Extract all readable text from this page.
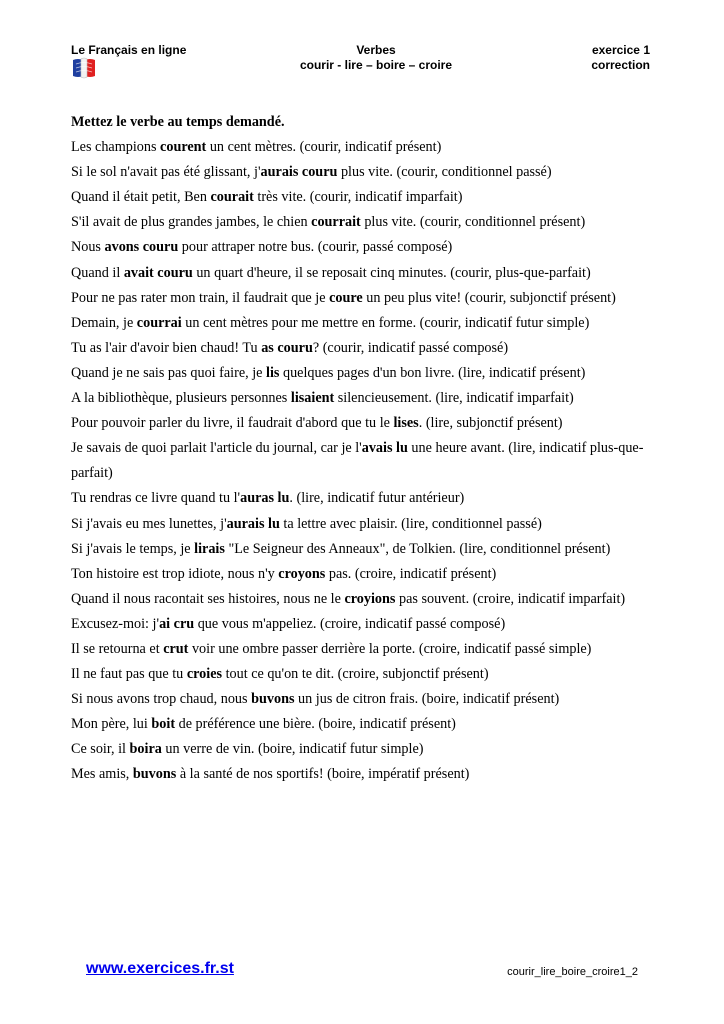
Le Français en ligne	Verbes
courir - lire – boire – croire
exercice 1
correction
Mettez le verbe au temps demandé.
Les champions courent un cent mètres. (courir, indicatif présent)
Si le sol n'avait pas été glissant, j'aurais couru plus vite. (courir, conditionnel passé)
Quand il était petit, Ben courait très vite. (courir, indicatif imparfait)
S'il avait de plus grandes jambes, le chien courrait plus vite. (courir, conditionnel présent)
Nous avons couru pour attraper notre bus. (courir, passé composé)
Quand il avait couru un quart d'heure, il se reposait cinq minutes. (courir, plus-que-parfait)
Pour ne pas rater mon train, il faudrait que je coure un peu plus vite! (courir, subjonctif présent)
Demain, je courrai un cent mètres pour me mettre en forme. (courir, indicatif futur simple)
Tu as l'air d'avoir bien chaud! Tu as couru? (courir, indicatif passé composé)
Quand je ne sais pas quoi faire, je lis quelques pages d'un bon livre. (lire, indicatif présent)
A la bibliothèque, plusieurs personnes lisaient silencieusement. (lire, indicatif imparfait)
Pour pouvoir parler du livre, il faudrait d'abord que tu le lises. (lire, subjonctif présent)
Je savais de quoi parlait l'article du journal, car je l'avais lu une heure avant. (lire, indicatif plus-que-parfait)
Tu rendras ce livre quand tu l'auras lu. (lire, indicatif futur antérieur)
Si j'avais eu mes lunettes, j'aurais lu ta lettre avec plaisir. (lire, conditionnel passé)
Si j'avais le temps, je lirais "Le Seigneur des Anneaux", de Tolkien. (lire, conditionnel présent)
Ton histoire est trop idiote, nous n'y croyons pas. (croire, indicatif présent)
Quand il nous racontait ses histoires, nous ne le croyions pas souvent. (croire, indicatif imparfait)
Excusez-moi: j'ai cru que vous m'appeliez. (croire, indicatif passé composé)
Il se retourna et crut voir une ombre passer derrière la porte. (croire, indicatif passé simple)
Il ne faut pas que tu croies tout ce qu'on te dit. (croire, subjonctif présent)
Si nous avons trop chaud, nous buvons un jus de citron frais. (boire, indicatif présent)
Mon père, lui boit de préférence une bière. (boire, indicatif présent)
Ce soir, il boira un verre de vin. (boire, indicatif futur simple)
Mes amis, buvons à la santé de nos sportifs! (boire, impératif présent)
www.exercices.fr.st	courir_lire_boire_croire1_2
